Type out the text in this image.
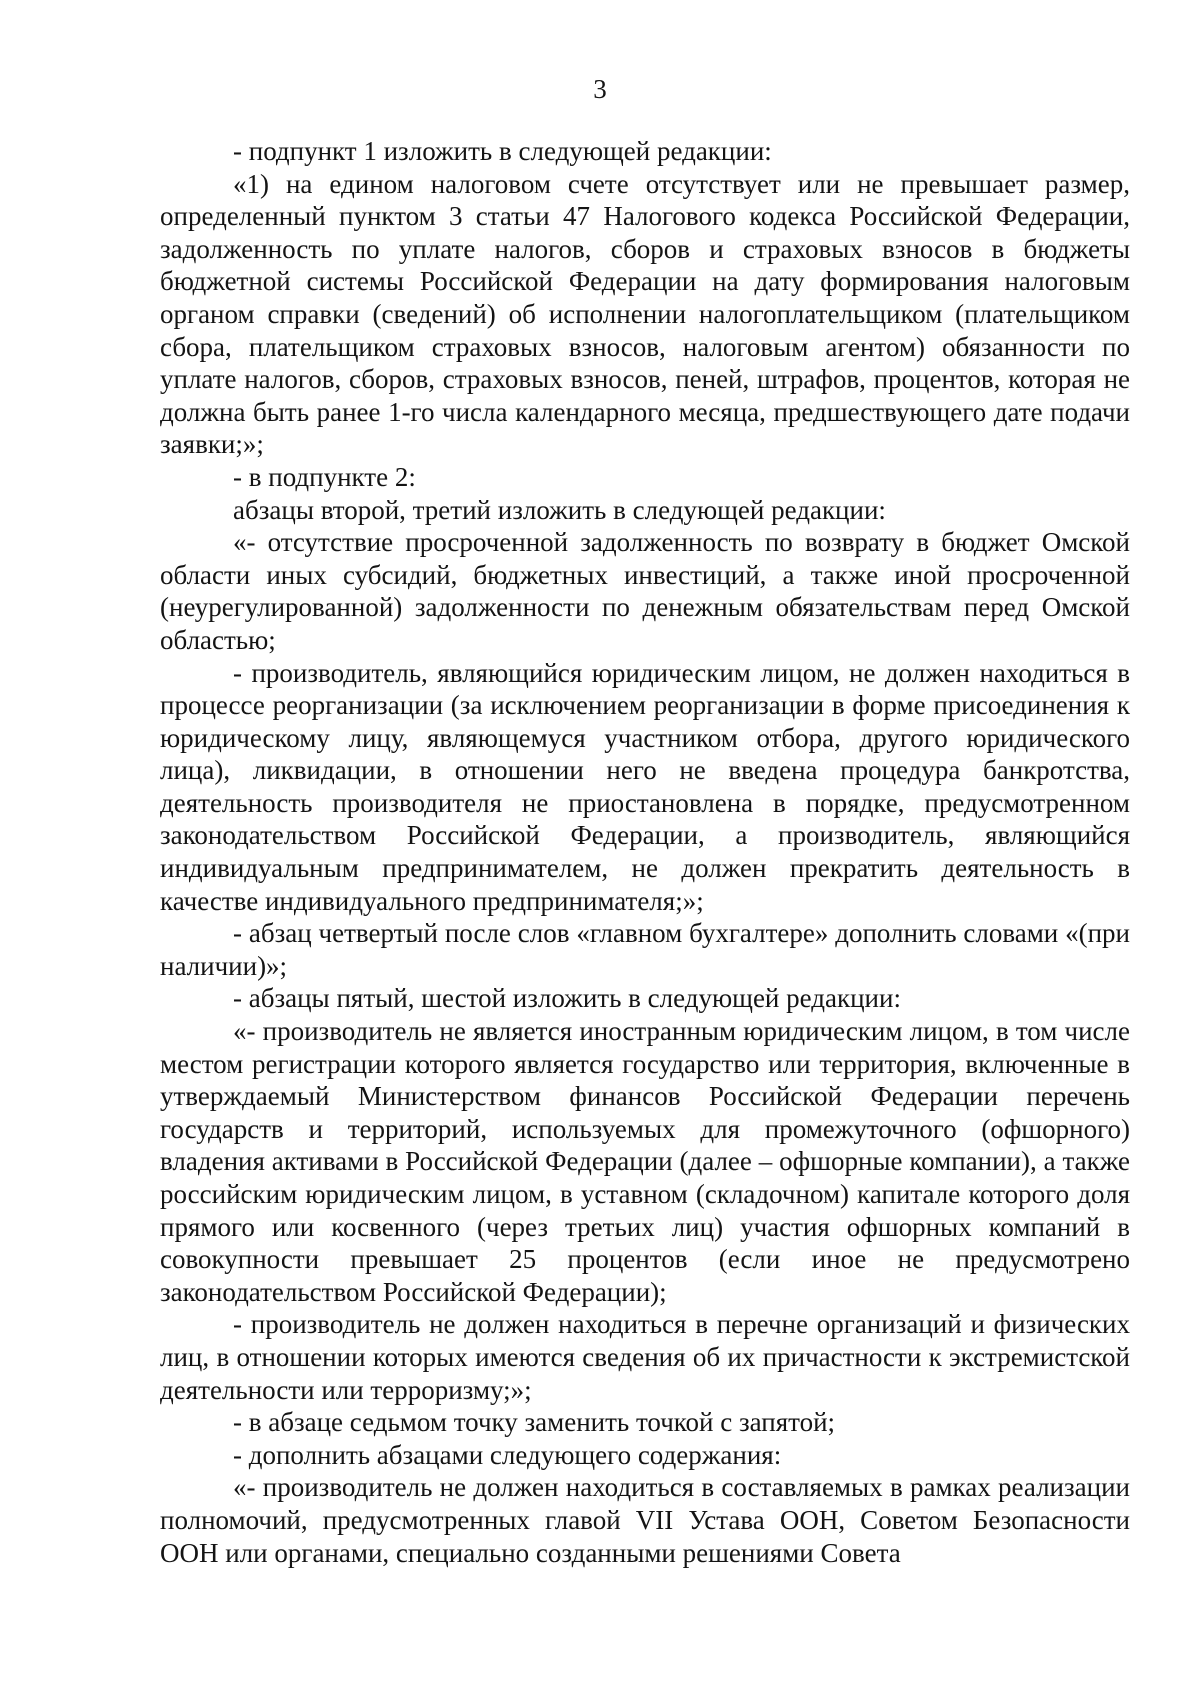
3

- подпункт 1 изложить в следующей редакции:

«1) на едином налоговом счете отсутствует или не превышает размер, определенный пунктом 3 статьи 47 Налогового кодекса Российской Федерации, задолженность по уплате налогов, сборов и страховых взносов в бюджеты бюджетной системы Российской Федерации на дату формирования налоговым органом справки (сведений) об исполнении налогоплательщиком (плательщиком сбора, плательщиком страховых взносов, налоговым агентом) обязанности по уплате налогов, сборов, страховых взносов, пеней, штрафов, процентов, которая не должна быть ранее 1-го числа календарного месяца, предшествующего дате подачи заявки;»;

- в подпункте 2:

абзацы второй, третий изложить в следующей редакции:

«- отсутствие просроченной задолженность по возврату в бюджет Омской области иных субсидий, бюджетных инвестиций, а также иной просроченной (неурегулированной) задолженности по денежным обязательствам перед Омской областью;

- производитель, являющийся юридическим лицом, не должен находиться в процессе реорганизации (за исключением реорганизации в форме присоединения к юридическому лицу, являющемуся участником отбора, другого юридического лица), ликвидации, в отношении него не введена процедура банкротства, деятельность производителя не приостановлена в порядке, предусмотренном законодательством Российской Федерации, а производитель, являющийся индивидуальным предпринимателем, не должен прекратить деятельность в качестве индивидуального предпринимателя;»;

- абзац четвертый после слов «главном бухгалтере» дополнить словами «(при наличии)»;

- абзацы пятый, шестой изложить в следующей редакции:

«- производитель не является иностранным юридическим лицом, в том числе местом регистрации которого является государство или территория, включенные в утверждаемый Министерством финансов Российской Федерации перечень государств и территорий, используемых для промежуточного (офшорного) владения активами в Российской Федерации (далее – офшорные компании), а также российским юридическим лицом, в уставном (складочном) капитале которого доля прямого или косвенного (через третьих лиц) участия офшорных компаний в совокупности превышает 25 процентов (если иное не предусмотрено законодательством Российской Федерации);

- производитель не должен находиться в перечне организаций и физических лиц, в отношении которых имеются сведения об их причастности к экстремистской деятельности или терроризму;»;

- в абзаце седьмом точку заменить точкой с запятой;

- дополнить абзацами следующего содержания:

«- производитель не должен находиться в составляемых в рамках реализации полномочий, предусмотренных главой VII Устава ООН, Советом Безопасности ООН или органами, специально созданными решениями Совета
